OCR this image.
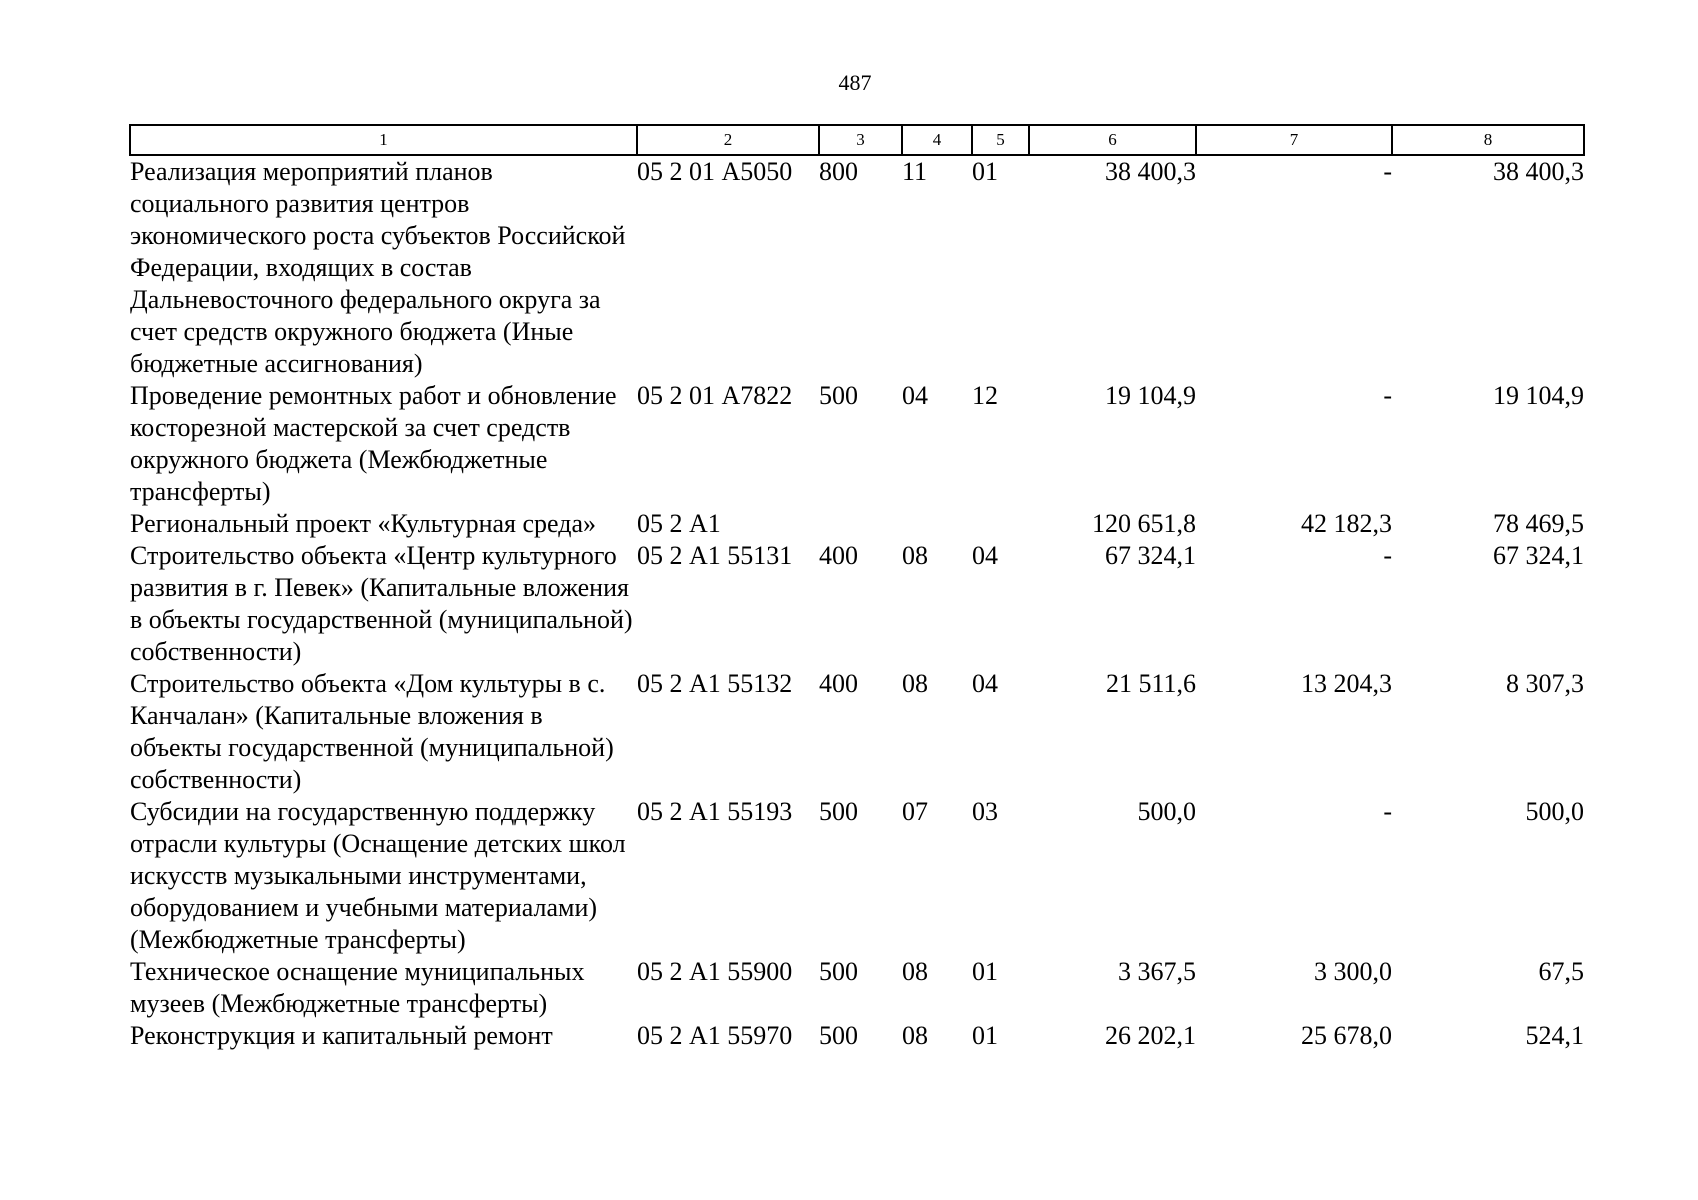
487
1	2	3	4	5	6	7	8
Реализация мероприятий планов социального развития центров экономического роста субъектов Российской Федерации, входящих в состав Дальневосточного федерального округа за счет средств окружного бюджета (Иные бюджетные ассигнования)	05 2 01 А5050	800	11	01	38 400,3	-	38 400,3
Проведение ремонтных работ и обновление косторезной мастерской за счет средств окружного бюджета (Межбюджетные трансферты)	05 2 01 А7822	500	04	12	19 104,9	-	19 104,9
Региональный проект «Культурная среда»	05 2 А1				120 651,8	42 182,3	78 469,5
Строительство объекта «Центр культурного развития в г. Певек» (Капитальные вложения в объекты государственной (муниципальной) собственности)	05 2 А1 55131	400	08	04	67 324,1	-	67 324,1
Строительство объекта «Дом культуры в с. Канчалан» (Капитальные вложения в объекты государственной (муниципальной) собственности)	05 2 А1 55132	400	08	04	21 511,6	13 204,3	8 307,3
Субсидии на государственную поддержку отрасли культуры (Оснащение детских школ искусств музыкальными инструментами, оборудованием и учебными материалами) (Межбюджетные трансферты)	05 2 А1 55193	500	07	03	500,0	-	500,0
Техническое оснащение муниципальных музеев (Межбюджетные трансферты)	05 2 А1 55900	500	08	01	3 367,5	3 300,0	67,5
Реконструкция и капитальный ремонт	05 2 А1 55970	500	08	01	26 202,1	25 678,0	524,1
